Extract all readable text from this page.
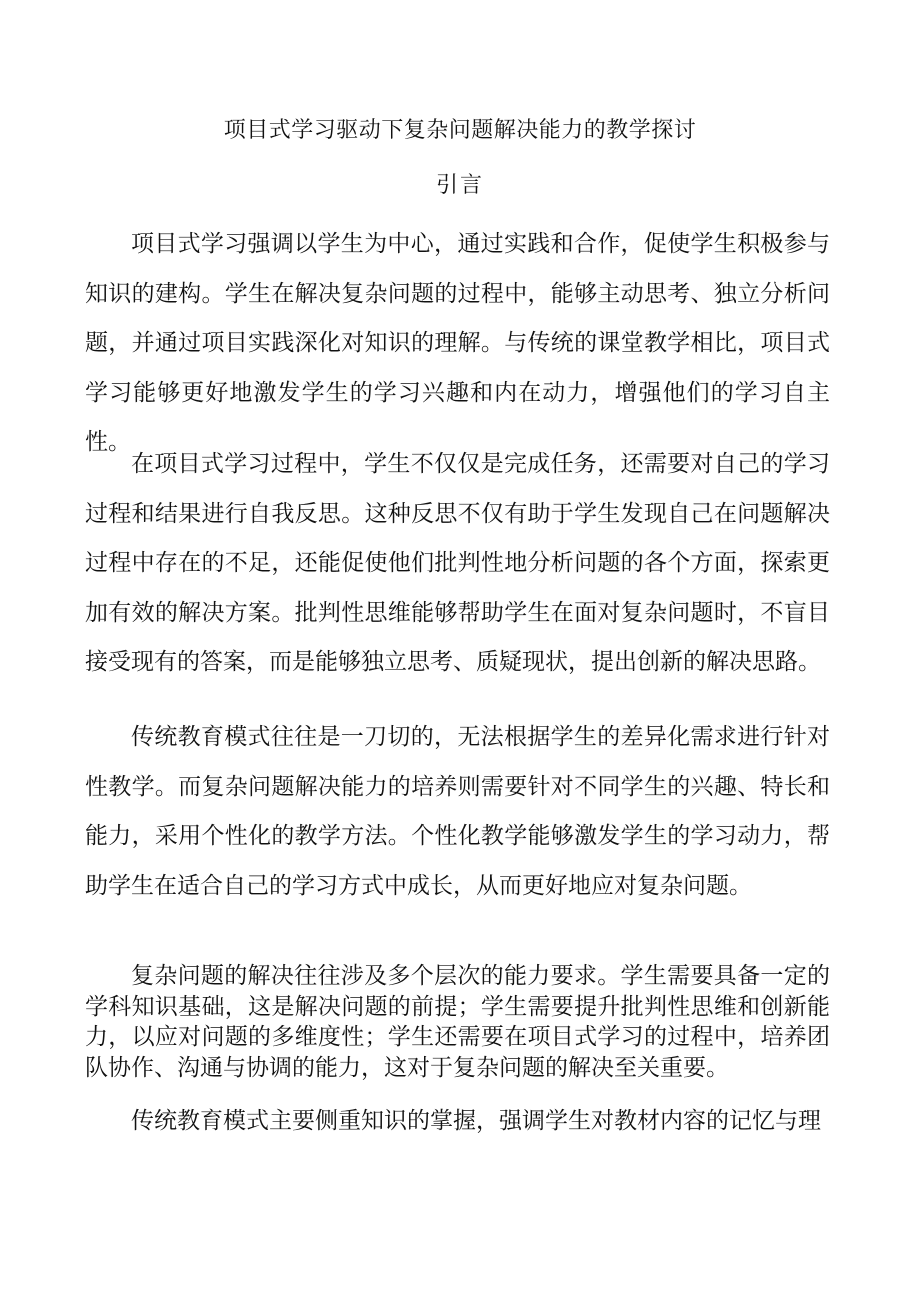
项目式学习驱动下复杂问题解决能力的教学探讨
引言

项目式学习强调以学生为中心，通过实践和合作，促使学生积极参与知识的建构。学生在解决复杂问题的过程中，能够主动思考、独立分析问题，并通过项目实践深化对知识的理解。与传统的课堂教学相比，项目式学习能够更好地激发学生的学习兴趣和内在动力，增强他们的学习自主性。

在项目式学习过程中，学生不仅仅是完成任务，还需要对自己的学习过程和结果进行自我反思。这种反思不仅有助于学生发现自己在问题解决过程中存在的不足，还能促使他们批判性地分析问题的各个方面，探索更加有效的解决方案。批判性思维能够帮助学生在面对复杂问题时，不盲目接受现有的答案，而是能够独立思考、质疑现状，提出创新的解决思路。

传统教育模式往往是一刀切的，无法根据学生的差异化需求进行针对性教学。而复杂问题解决能力的培养则需要针对不同学生的兴趣、特长和能力，采用个性化的教学方法。个性化教学能够激发学生的学习动力，帮助学生在适合自己的学习方式中成长，从而更好地应对复杂问题。

复杂问题的解决往往涉及多个层次的能力要求。学生需要具备一定的学科知识基础，这是解决问题的前提；学生需要提升批判性思维和创新能力，以应对问题的多维度性；学生还需要在项目式学习的过程中，培养团队协作、沟通与协调的能力，这对于复杂问题的解决至关重要。

传统教育模式主要侧重知识的掌握，强调学生对教材内容的记忆与理
